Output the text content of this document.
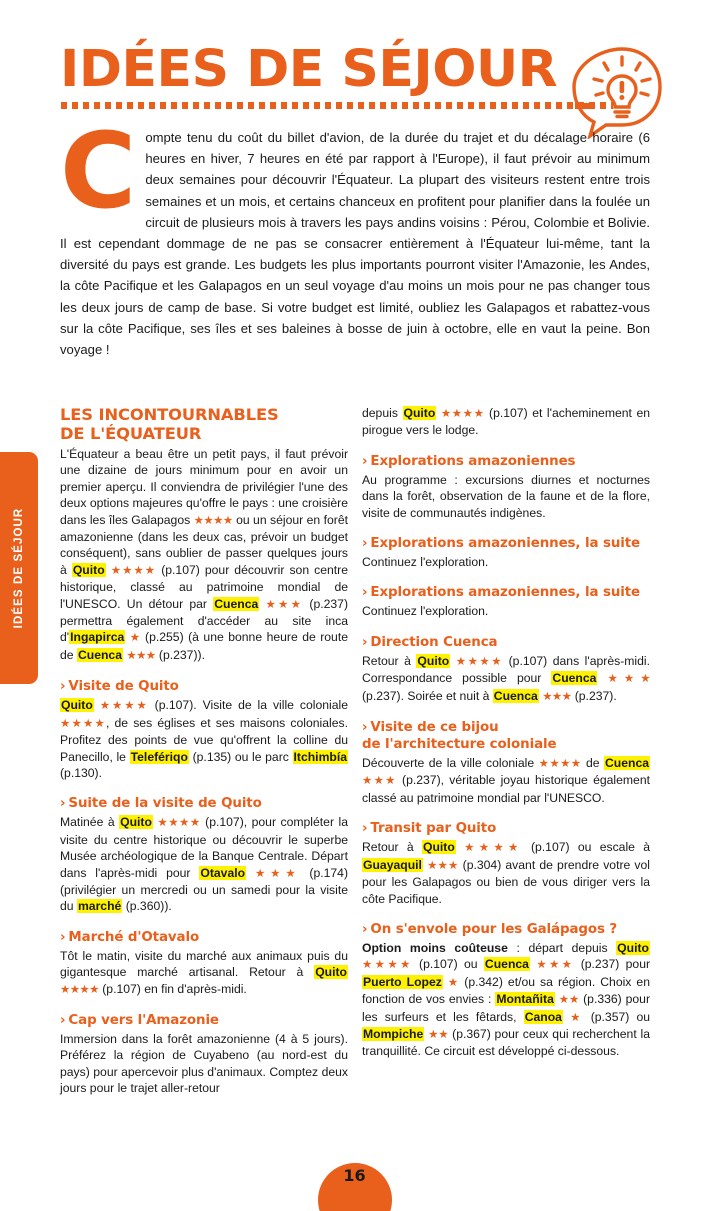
IDÉES DE SÉJOUR
IDÉES DE SÉJOUR
Compte tenu du coût du billet d'avion, de la durée du trajet et du décalage horaire (6 heures en hiver, 7 heures en été par rapport à l'Europe), il faut prévoir au minimum deux semaines pour découvrir l'Équateur. La plupart des visiteurs restent entre trois semaines et un mois, et certains chanceux en profitent pour planifier dans la foulée un circuit de plusieurs mois à travers les pays andins voisins : Pérou, Colombie et Bolivie. Il est cependant dommage de ne pas se consacrer entièrement à l'Équateur lui-même, tant la diversité du pays est grande. Les budgets les plus importants pourront visiter l'Amazonie, les Andes, la côte Pacifique et les Galapagos en un seul voyage d'au moins un mois pour ne pas changer tous les deux jours de camp de base. Si votre budget est limité, oubliez les Galapagos et rabattez-vous sur la côte Pacifique, ses îles et ses baleines à bosse de juin à octobre, elle en vaut la peine. Bon voyage !
LES INCONTOURNABLES
DE L'ÉQUATEUR

L'Équateur a beau être un petit pays, il faut prévoir une dizaine de jours minimum pour en avoir un premier aperçu. Il conviendra de privilégier l'une des deux options majeures qu'offre le pays : une croisière dans les îles Galapagos ★★★★ ou un séjour en forêt amazonienne (dans les deux cas, prévoir un budget conséquent), sans oublier de passer quelques jours à Quito ★★★★ (p.107) pour découvrir son centre historique, classé au patrimoine mondial de l'UNESCO. Un détour par Cuenca ★★★ (p.237) permettra également d'accéder au site inca d'Ingapirca ★ (p.255) (à une bonne heure de route de Cuenca ★★★ (p.237)).

› Visite de Quito

Quito ★★★★ (p.107). Visite de la ville coloniale ★★★★, de ses églises et ses maisons coloniales. Profitez des points de vue qu'offrent la colline du Panecillo, le Telefériqo (p.135) ou le parc Itchimbía (p.130).

› Suite de la visite de Quito

Matinée à Quito ★★★★ (p.107), pour compléter la visite du centre historique ou découvrir le superbe Musée archéologique de la Banque Centrale. Départ dans l'après-midi pour Otavalo ★★★ (p.174) (privilégier un mercredi ou un samedi pour la visite du marché (p.360)).

› Marché d'Otavalo

Tôt le matin, visite du marché aux animaux puis du gigantesque marché artisanal. Retour à Quito ★★★★ (p.107) en fin d'après-midi.

› Cap vers l'Amazonie

Immersion dans la forêt amazonienne (4 à 5 jours). Préférez la région de Cuyabeno (au nord-est du pays) pour apercevoir plus d'animaux. Comptez deux jours pour le trajet aller-retour

depuis Quito ★★★★ (p.107) et l'acheminement en pirogue vers le lodge.

› Explorations amazoniennes

Au programme : excursions diurnes et nocturnes dans la forêt, observation de la faune et de la flore, visite de communautés indigènes.

› Explorations amazoniennes, la suite

Continuez l'exploration.

› Explorations amazoniennes, la suite

Continuez l'exploration.

› Direction Cuenca

Retour à Quito ★★★★ (p.107) dans l'après-midi. Correspondance possible pour Cuenca ★★★ (p.237). Soirée et nuit à Cuenca ★★★ (p.237).

› Visite de ce bijou
de l'architecture coloniale

Découverte de la ville coloniale ★★★★ de Cuenca ★★★ (p.237), véritable joyau historique également classé au patrimoine mondial par l'UNESCO.

› Transit par Quito

Retour à Quito ★★★★ (p.107) ou escale à Guayaquil ★★★ (p.304) avant de prendre votre vol pour les Galapagos ou bien de vous diriger vers la côte Pacifique.

› On s'envole pour les Galápagos ?

Option moins coûteuse : départ depuis Quito ★★★★ (p.107) ou Cuenca ★★★ (p.237) pour Puerto Lopez ★ (p.342) et/ou sa région. Choix en fonction de vos envies : Montañita ★★ (p.336) pour les surfeurs et les fêtards, Canoa ★ (p.357) ou Mompiche ★★ (p.367) pour ceux qui recherchent la tranquillité. Ce circuit est développé ci-dessous.

16
